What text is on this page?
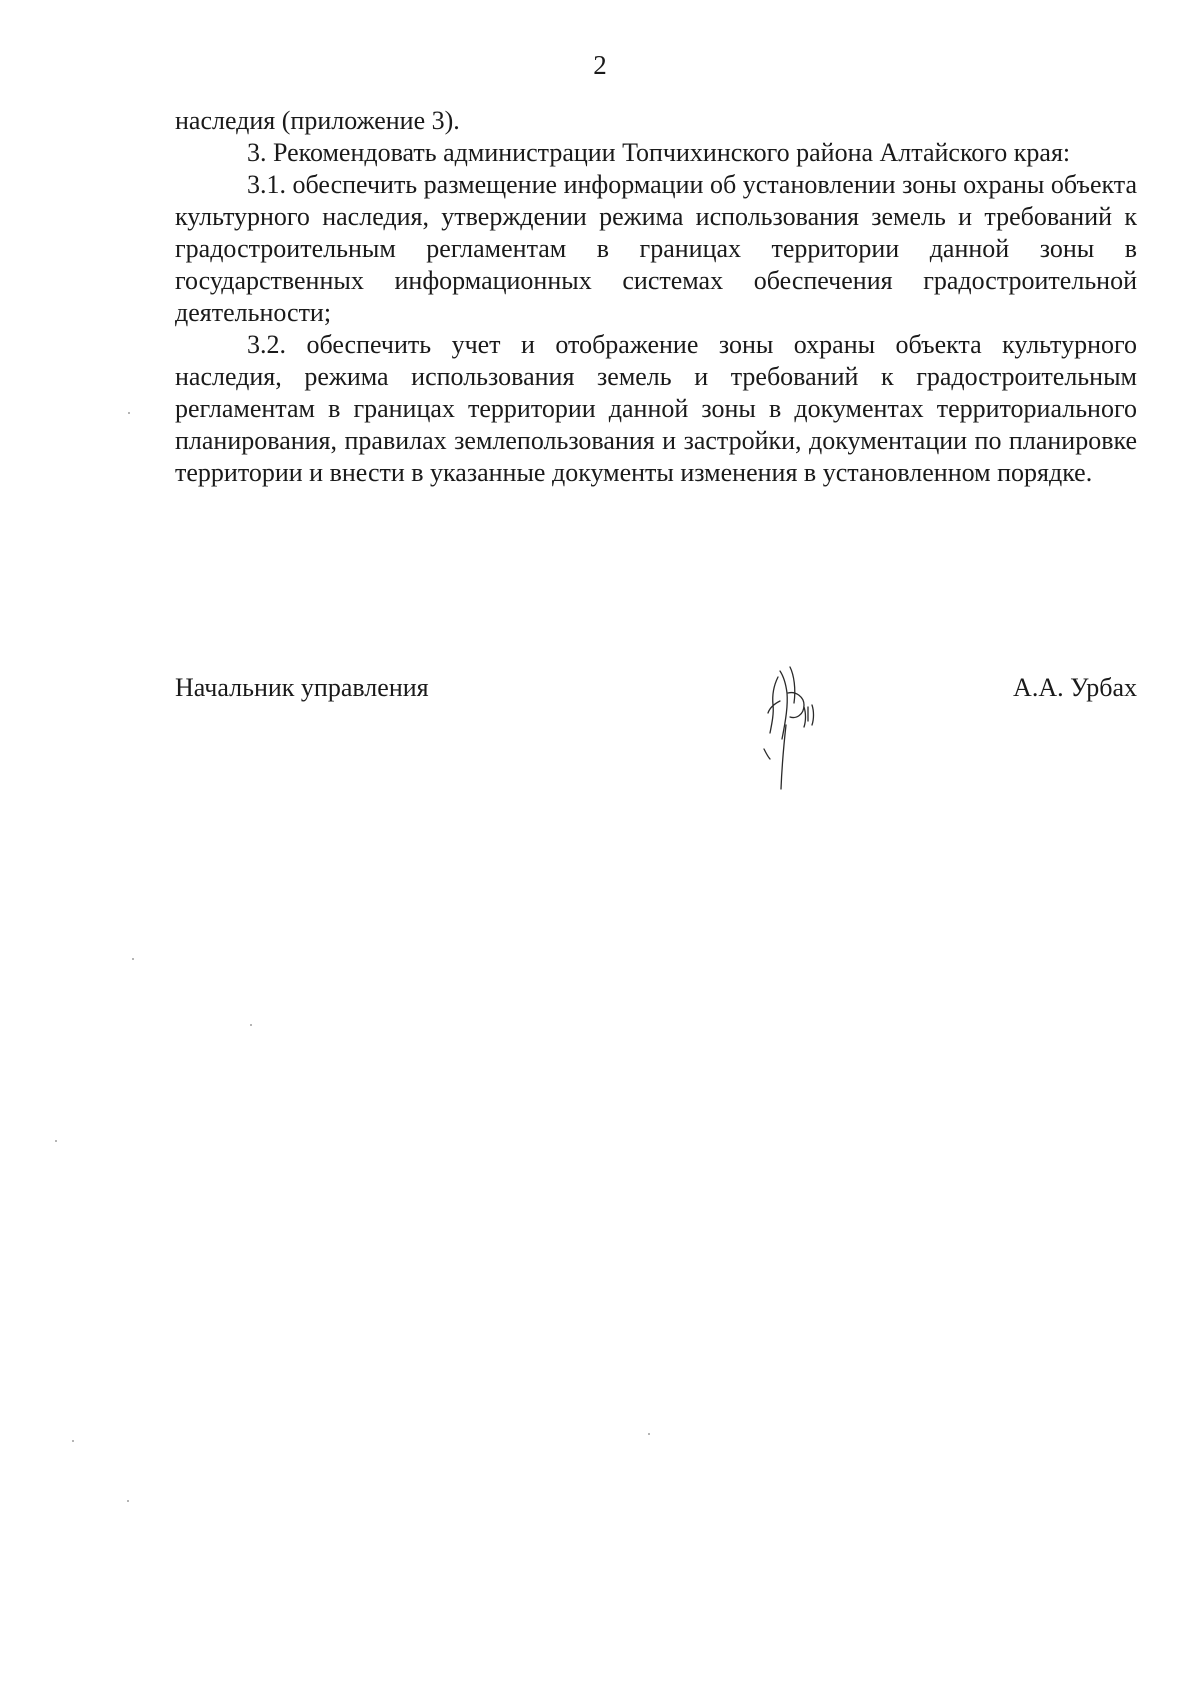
2

наследия (приложение 3).

3. Рекомендовать администрации Топчихинского района Алтайского края:

3.1. обеспечить размещение информации об установлении зоны охраны объекта культурного наследия, утверждении режима использования земель и требований к градостроительным регламентам в границах территории данной зоны в государственных информационных системах обеспечения градостроительной деятельности;

3.2. обеспечить учет и отображение зоны охраны объекта культурного наследия, режима использования земель и требований к градостроительным регламентам в границах территории данной зоны в документах территориального планирования, правилах землепользования и застройки, документации по планировке территории и внести в указанные документы изменения в установленном порядке.

Начальник управления	А.А. Урбах
